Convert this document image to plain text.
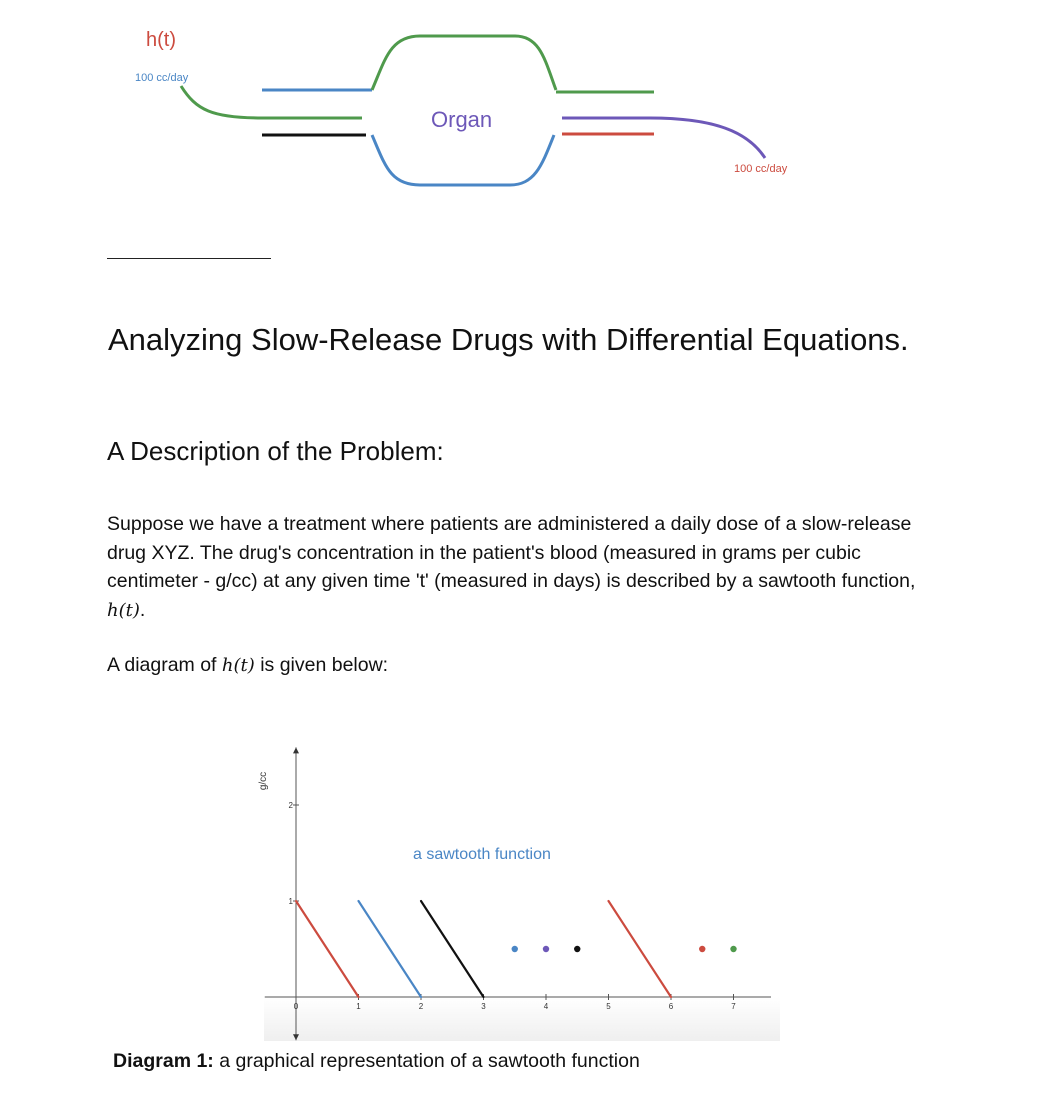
h(t)
100 cc/day
Organ
100 cc/day
Analyzing Slow-Release Drugs with Differential Equations.
A Description of the Problem:

Suppose we have a treatment where patients are administered a daily dose of a slow-release drug XYZ. The drug's concentration in the patient's blood (measured in grams per cubic centimeter - g/cc) at any given time 't' (measured in days) is described by a sawtooth function, h(t).

A diagram of h(t) is given below:
g/cc
0	1	2	3	4	5	6	7
1
2
a sawtooth function
Diagram 1: a graphical representation of a sawtooth function
